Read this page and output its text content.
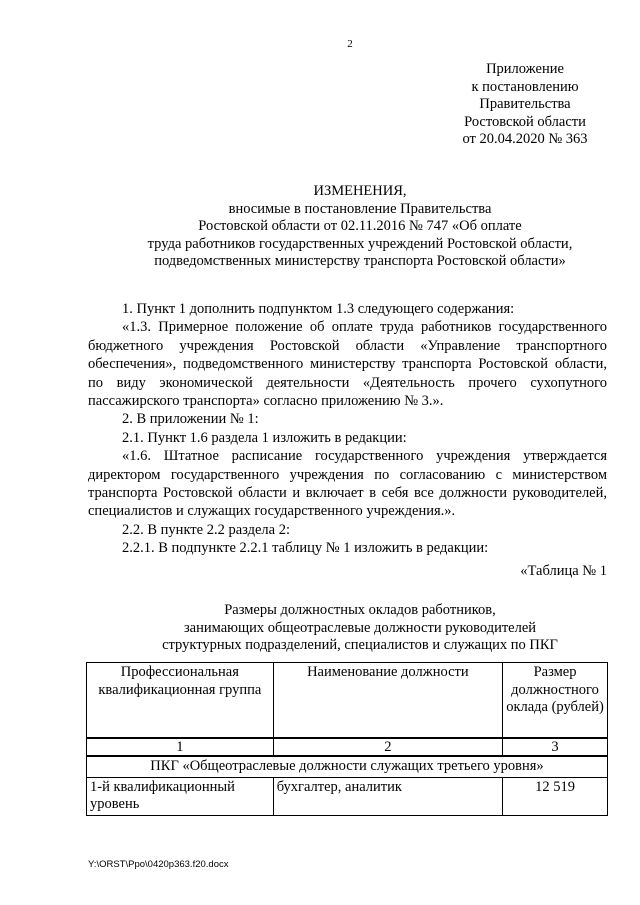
2
Приложение
к постановлению
Правительства
Ростовской области
от 20.04.2020 № 363
ИЗМЕНЕНИЯ,
вносимые в постановление Правительства
Ростовской области от 02.11.2016 № 747 «Об оплате
труда работников государственных учреждений Ростовской области,
подведомственных министерству транспорта Ростовской области»

1. Пункт 1 дополнить подпунктом 1.3 следующего содержания:

«1.3. Примерное положение об оплате труда работников государственного бюджетного учреждения Ростовской области «Управление транспортного обеспечения», подведомственного министерству транспорта Ростовской области, по виду экономической деятельности «Деятельность прочего сухопутного пассажирского транспорта» согласно приложению № 3.».

2. В приложении № 1:

2.1. Пункт 1.6 раздела 1 изложить в редакции:

«1.6. Штатное расписание государственного учреждения утверждается директором государственного учреждения по согласованию с министерством транспорта Ростовской области и включает в себя все должности руководителей, специалистов и служащих государственного учреждения.».

2.2. В пункте 2.2 раздела 2:

2.2.1. В подпункте 2.2.1 таблицу № 1 изложить в редакции:

«Таблица № 1
Размеры должностных окладов работников,
занимающих общеотраслевые должности руководителей
структурных подразделений, специалистов и служащих по ПКГ
Профессиональная квалификационная группа	Наименование должности	Размер должностного оклада (рублей)
1	2	3
ПКГ «Общеотраслевые должности служащих третьего уровня»		
1-й квалификационный уровень	бухгалтер, аналитик	12 519
Y:\ORST\Ppo\0420p363.f20.docx
